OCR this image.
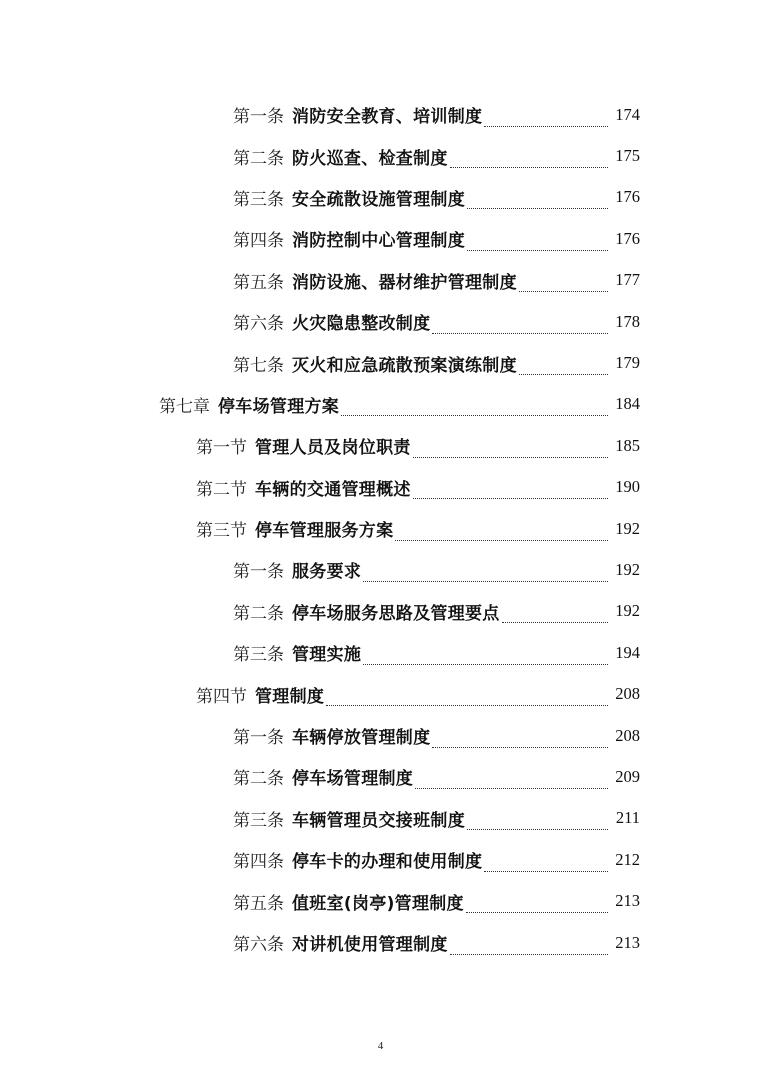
第一条 消防安全教育、培训制度	174
第二条 防火巡查、检查制度	175
第三条 安全疏散设施管理制度	176
第四条 消防控制中心管理制度	176
第五条 消防设施、器材维护管理制度	177
第六条 火灾隐患整改制度	178
第七条 灭火和应急疏散预案演练制度	179
第七章 停车场管理方案	184
第一节 管理人员及岗位职责	185
第二节 车辆的交通管理概述	190
第三节 停车管理服务方案	192
第一条 服务要求	192
第二条 停车场服务思路及管理要点	192
第三条 管理实施	194
第四节 管理制度	208
第一条 车辆停放管理制度	208
第二条 停车场管理制度	209
第三条 车辆管理员交接班制度	211
第四条 停车卡的办理和使用制度	212
第五条 值班室(岗亭)管理制度	213
第六条 对讲机使用管理制度	213
4
